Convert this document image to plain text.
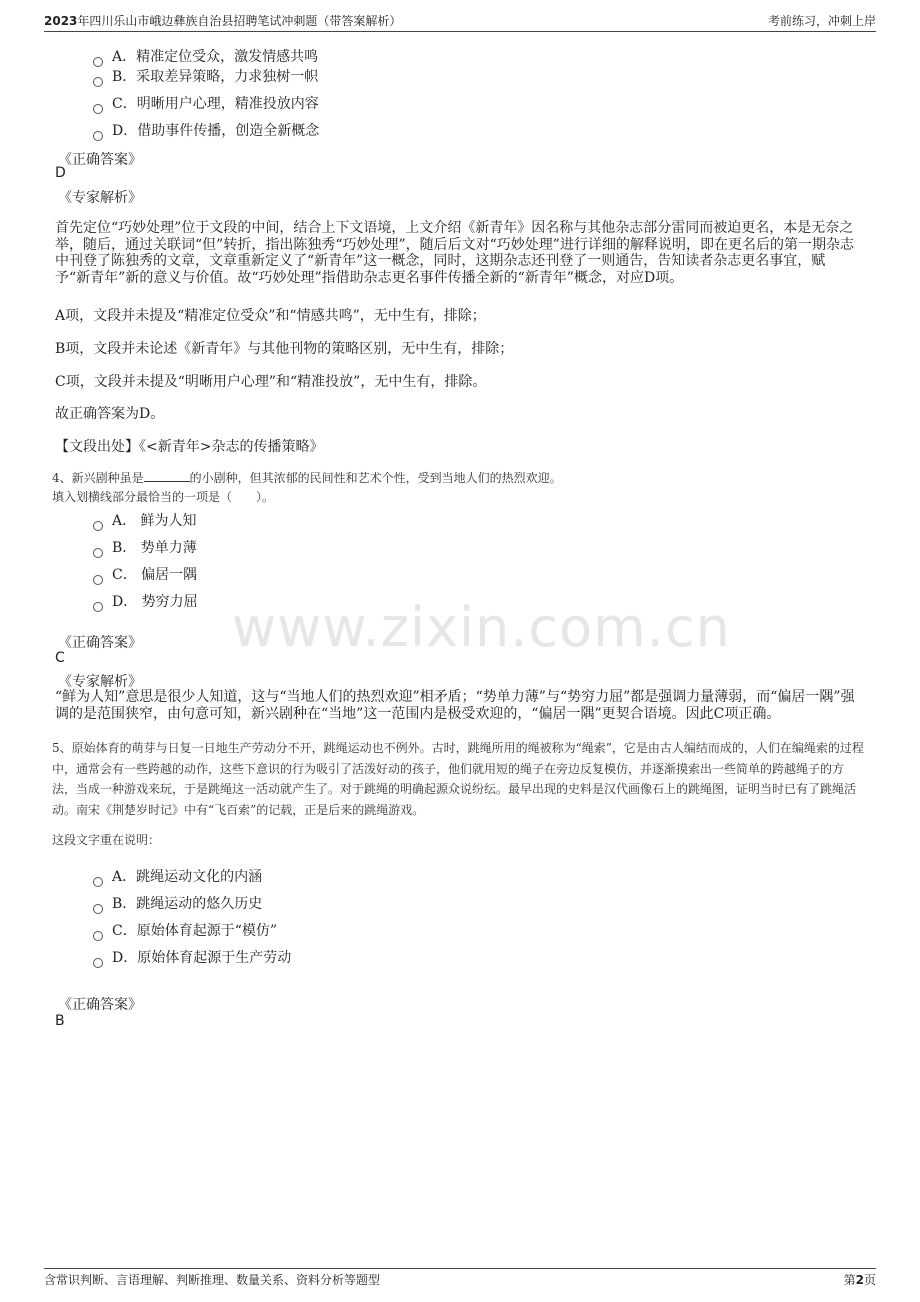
2023年四川乐山市峨边彝族自治县招聘笔试冲刺题（带答案解析）	考前练习，冲刺上岸
www.zixin.com.cn
A．精准定位受众，激发情感共鸣
B．采取差异策略，力求独树一帜
C．明晰用户心理，精准投放内容
D．借助事件传播，创造全新概念
《正确答案》
D
《专家解析》
首先定位“巧妙处理”位于文段的中间，结合上下文语境，上文介绍《新青年》因名称与其他杂志部分雷同而被迫更名，本是无奈之举，随后，通过关联词“但”转折，指出陈独秀“巧妙处理”，随后后文对“巧妙处理”进行详细的解释说明，即在更名后的第一期杂志中刊登了陈独秀的文章，文章重新定义了“新青年”这一概念，同时，这期杂志还刊登了一则通告，告知读者杂志更名事宜，赋予“新青年”新的意义与价值。故“巧妙处理”指借助杂志更名事件传播全新的“新青年”概念，对应D项。
A项，文段并未提及“精准定位受众”和“情感共鸣”，无中生有，排除；
B项，文段并未论述《新青年》与其他刊物的策略区别，无中生有，排除；
C项，文段并未提及“明晰用户心理”和“精准投放”，无中生有，排除。
故正确答案为D。
【文段出处】《<新青年>杂志的传播策略》
4、新兴剧种虽是	的小剧种，但其浓郁的民间性和艺术个性，受到当地人们的热烈欢迎。
填入划横线部分最恰当的一项是（　　）。
A． 鲜为人知
B． 势单力薄
C． 偏居一隅
D． 势穷力屈
《正确答案》
C
《专家解析》
“鲜为人知”意思是很少人知道，这与“当地人们的热烈欢迎”相矛盾；“势单力薄”与“势穷力屈”都是强调力量薄弱，而“偏居一隅”强调的是范围狭窄，由句意可知，新兴剧种在“当地”这一范围内是极受欢迎的，“偏居一隅”更契合语境。因此C项正确。
5、原始体育的萌芽与日复一日地生产劳动分不开，跳绳运动也不例外。古时，跳绳所用的绳被称为“绳索”，它是由古人编结而成的，人们在编绳索的过程中，通常会有一些跨越的动作，这些下意识的行为吸引了活泼好动的孩子，他们就用短的绳子在旁边反复模仿，并逐渐摸索出一些简单的跨越绳子的方法，当成一种游戏来玩，于是跳绳这一活动就产生了。对于跳绳的明确起源众说纷纭。最早出现的史料是汉代画像石上的跳绳图，证明当时已有了跳绳活动。南宋《荆楚岁时记》中有“飞百索”的记载，正是后来的跳绳游戏。
这段文字重在说明：
A．跳绳运动文化的内涵
B．跳绳运动的悠久历史
C．原始体育起源于“模仿”
D．原始体育起源于生产劳动
《正确答案》
B
含常识判断、言语理解、判断推理、数量关系、资料分析等题型	第2页
